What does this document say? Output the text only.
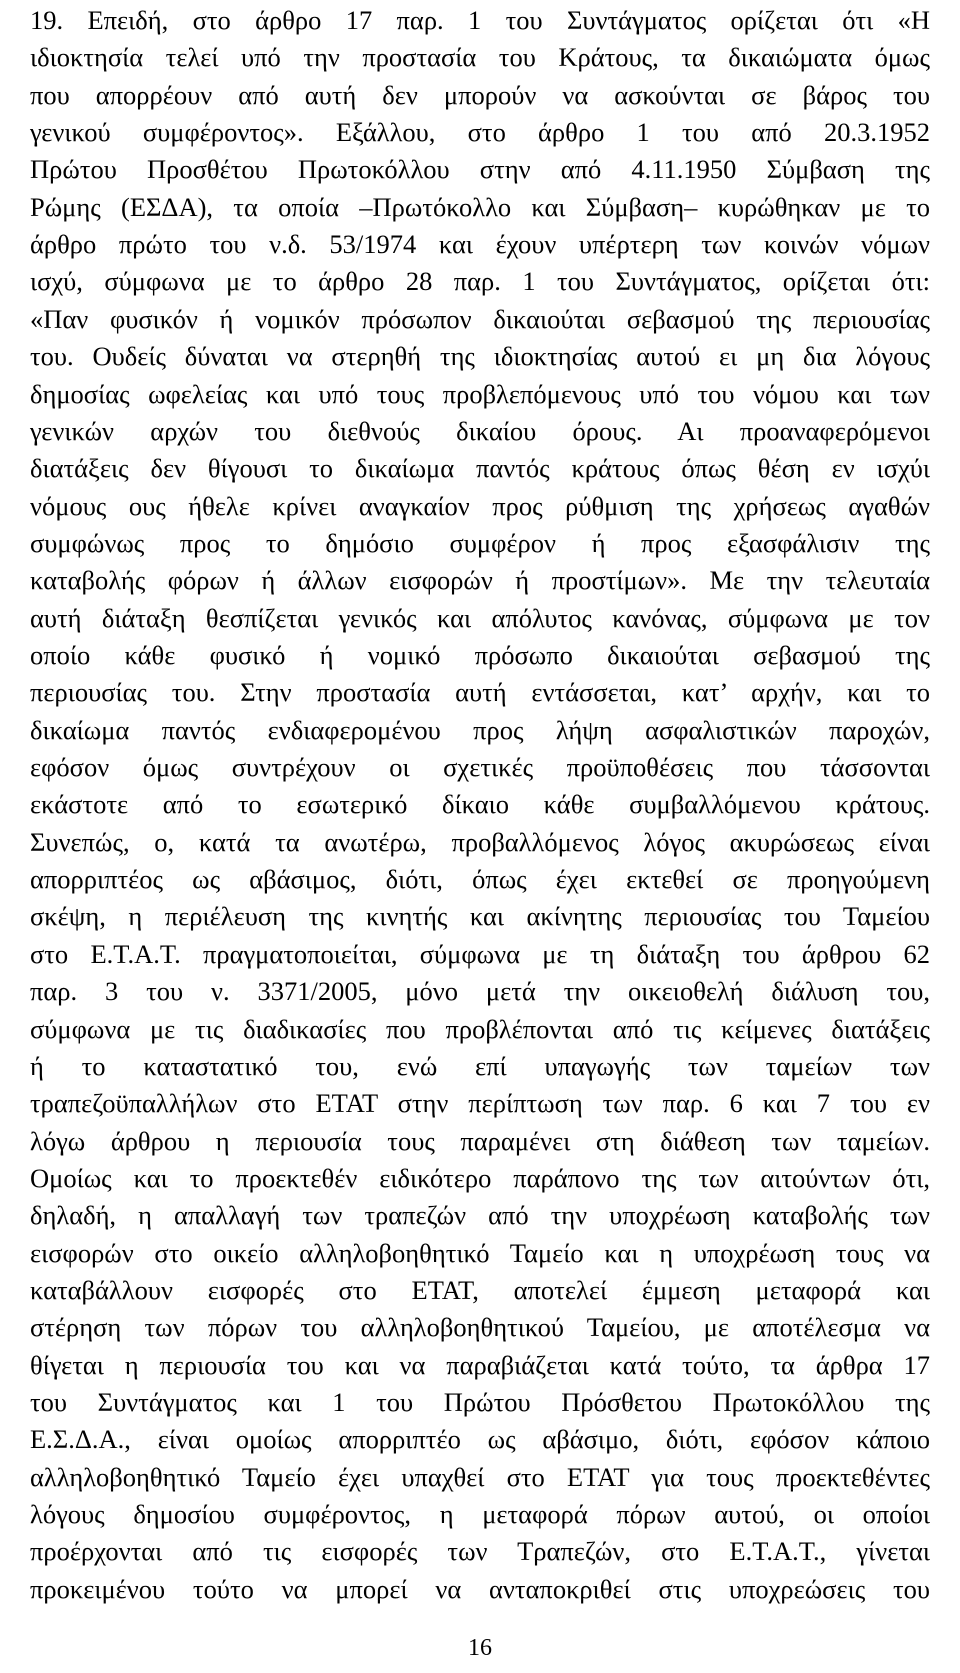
19. Επειδή, στο άρθρο 17 παρ. 1 του Συντάγματος ορίζεται ότι «Η

ιδιοκτησία τελεί υπό την προστασία του Κράτους, τα δικαιώματα όμως

που απορρέουν από αυτή δεν μπορούν να ασκούνται σε βάρος του

γενικού συμφέροντος». Εξάλλου, στο άρθρο 1 του από 20.3.1952

Πρώτου Προσθέτου Πρωτοκόλλου στην από 4.11.1950 Σύμβαση της

Ρώμης (ΕΣΔΑ), τα οποία –Πρωτόκολλο και Σύμβαση– κυρώθηκαν με το

άρθρο πρώτο του ν.δ. 53/1974 και έχουν υπέρτερη των κοινών νόμων

ισχύ, σύμφωνα με το άρθρο 28 παρ. 1 του Συντάγματος, ορίζεται ότι:

«Παν φυσικόν ή νομικόν πρόσωπον δικαιούται σεβασμού της περιουσίας

του. Ουδείς δύναται να στερηθή της ιδιοκτησίας αυτού ει μη δια λόγους

δημοσίας ωφελείας και υπό τους προβλεπόμενους υπό του νόμου και των

γενικών αρχών του διεθνούς δικαίου όρους. Αι προαναφερόμενοι

διατάξεις δεν θίγουσι το δικαίωμα παντός κράτους όπως θέση εν ισχύι

νόμους ους ήθελε κρίνει αναγκαίον προς ρύθμιση της χρήσεως αγαθών

συμφώνως προς το δημόσιο συμφέρον ή προς εξασφάλισιν της

καταβολής φόρων ή άλλων εισφορών ή προστίμων». Με την τελευταία

αυτή διάταξη θεσπίζεται γενικός και απόλυτος κανόνας, σύμφωνα με τον

οποίο κάθε φυσικό ή νομικό πρόσωπο δικαιούται σεβασμού της

περιουσίας του. Στην προστασία αυτή εντάσσεται, κατ’ αρχήν, και το

δικαίωμα παντός ενδιαφερομένου προς λήψη ασφαλιστικών παροχών,

εφόσον όμως συντρέχουν οι σχετικές προϋποθέσεις που τάσσονται

εκάστοτε από το εσωτερικό δίκαιο κάθε συμβαλλόμενου κράτους.

Συνεπώς, ο, κατά τα ανωτέρω, προβαλλόμενος λόγος ακυρώσεως είναι

απορριπτέος ως αβάσιμος, διότι, όπως έχει εκτεθεί σε προηγούμενη

σκέψη, η περιέλευση της κινητής και ακίνητης περιουσίας του Ταμείου

στο Ε.Τ.Α.Τ. πραγματοποιείται, σύμφωνα με τη διάταξη του άρθρου 62

παρ. 3 του ν. 3371/2005, μόνο μετά την οικειοθελή διάλυση του,

σύμφωνα με τις διαδικασίες που προβλέπονται από τις κείμενες διατάξεις

ή το καταστατικό του, ενώ επί υπαγωγής των ταμείων των

τραπεζοϋπαλλήλων στο ΕΤΑΤ στην περίπτωση των παρ. 6 και 7 του εν

λόγω άρθρου η περιουσία τους παραμένει στη διάθεση των ταμείων.

Ομοίως και το προεκτεθέν ειδικότερο παράπονο της των αιτούντων ότι,

δηλαδή, η απαλλαγή των τραπεζών από την υποχρέωση καταβολής των

εισφορών στο οικείο αλληλοβοηθητικό Ταμείο και η υποχρέωση τους να

καταβάλλουν εισφορές στο ΕΤΑΤ, αποτελεί έμμεση μεταφορά και

στέρηση των πόρων του αλληλοβοηθητικού Ταμείου, με αποτέλεσμα να

θίγεται η περιουσία του και να παραβιάζεται κατά τούτο, τα άρθρα 17

του Συντάγματος και 1 του Πρώτου Πρόσθετου Πρωτοκόλλου της

Ε.Σ.Δ.Α., είναι ομοίως απορριπτέο ως αβάσιμο, διότι, εφόσον κάποιο

αλληλοβοηθητικό Ταμείο έχει υπαχθεί στο ΕΤΑΤ για τους προεκτεθέντες

λόγους δημοσίου συμφέροντος, η μεταφορά πόρων αυτού, οι οποίοι

προέρχονται από τις εισφορές των Τραπεζών, στο Ε.Τ.Α.Τ., γίνεται

προκειμένου τούτο να μπορεί να ανταποκριθεί στις υποχρεώσεις του

16
